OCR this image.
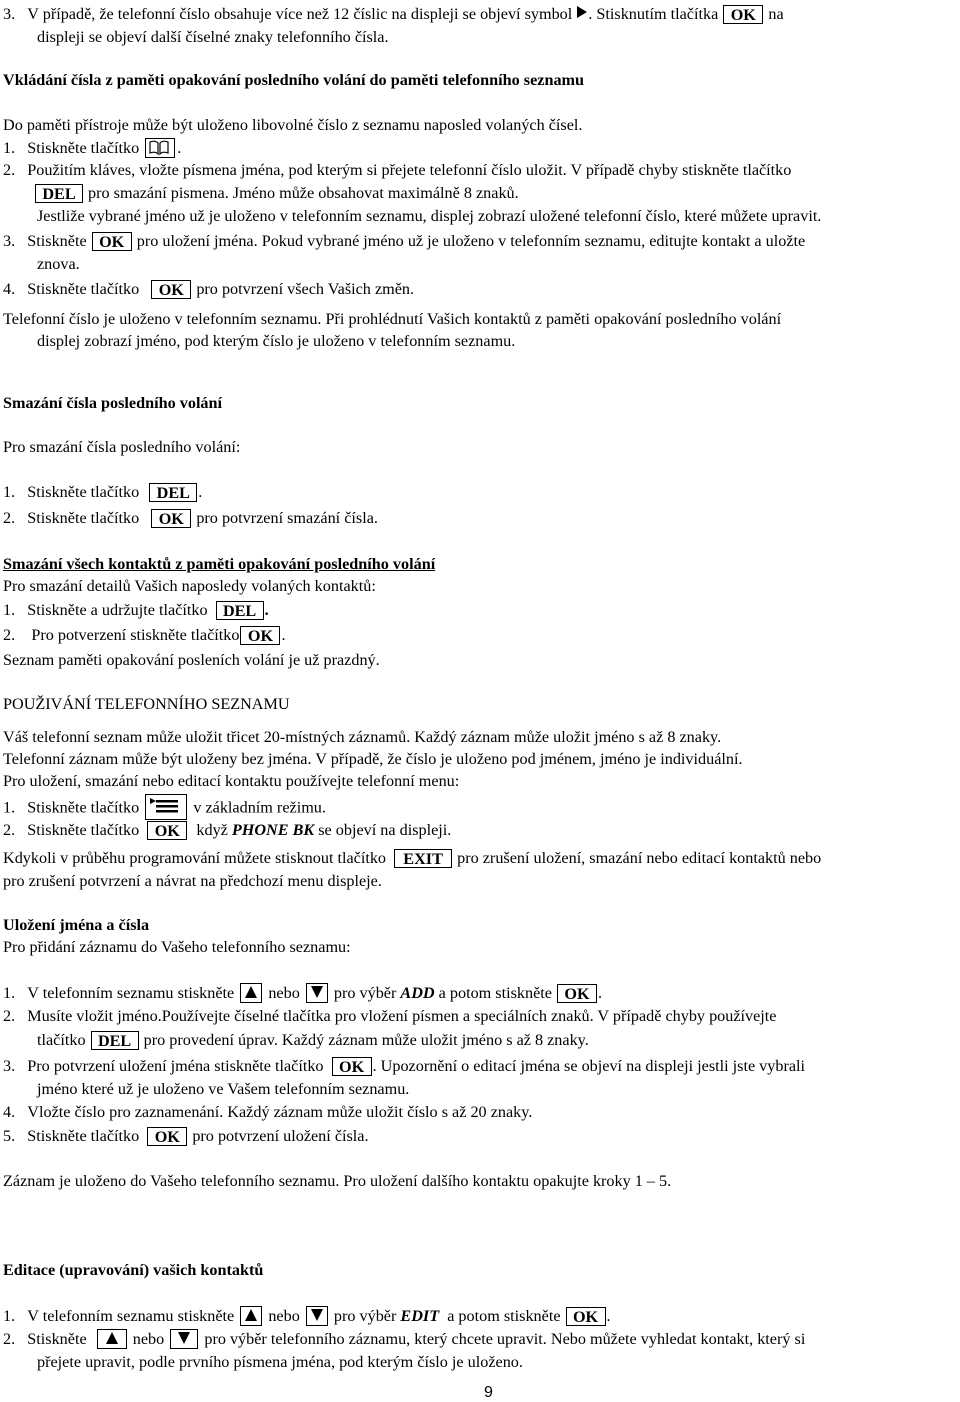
3. V případě, že telefonní číslo obsahuje více než 12 číslic na displeji se objeví symbol . Stisknutím tlačítka OK na
displeji se objeví další číselné znaky telefonního čísla.
Vkládání čísla z paměti opakování posledního volání do paměti telefonního seznamu
Do paměti přístroje může být uloženo libovolné číslo z seznamu naposled volaných čísel.
1. Stiskněte tlačítko .
2. Použitím kláves, vložte písmena jména, pod kterým si přejete telefonní číslo uložit. V případě chyby stiskněte tlačítko
DEL pro smazání pismena. Jméno může obsahovat maximálně 8 znaků.
Jestliže vybrané jméno už je uloženo v telefonním seznamu, displej zobrazí uložené telefonní číslo, které můžete upravit.
3. Stiskněte OK pro uložení jména. Pokud vybrané jméno už je uloženo v telefonním seznamu, editujte kontakt a uložte
znova.
4. Stiskněte tlačítko OK pro potvrzení všech Vašich změn.
Telefonní číslo je uloženo v telefonním seznamu. Při prohlédnutí Vašich kontaktů z paměti opakování posledního volání
displej zobrazí jméno, pod kterým číslo je uloženo v telefonním seznamu.
Smazání čísla posledního volání
Pro smazání čísla posledního volání:
1. Stiskněte tlačítko DEL .
2. Stiskněte tlačítko OK pro potvrzení smazání čísla.
Smazání všech kontaktů z paměti opakování posledního volání
Pro smazání detailů Vašich naposledy volaných kontaktů:
1. Stiskněte a udržujte tlačítko DEL .
2. Pro potverzení stiskněte tlačítko OK .
Seznam paměti opakování posleních volání je už prazdný.
POUŽIVÁNÍ TELEFONNÍHO SEZNAMU
Váš telefonní seznam může uložit třicet 20-místných záznamů. Každý záznam může uložit jméno s až 8 znaky.
Telefonní záznam může být uloženy bez jména. V případě, že číslo je uloženo pod jménem, jméno je individuální.
Pro uložení, smazání nebo editací kontaktu používejte telefonní menu:
1. Stiskněte tlačítko	v základním režimu.
2. Stiskněte tlačítko OK když PHONE BK se objeví na displeji.
Kdykoli v průběhu programování můžete stisknout tlačítko EXIT pro zrušení uložení, smazání nebo editací kontaktů nebo
pro zrušení potvrzení a návrat na předchozí menu displeje.
Uložení jména a čísla
Pro přidání záznamu do Vašeho telefonního seznamu:
1. V telefonním seznamu stiskněte nebo pro výběr ADD a potom stiskněte OK .
2. Musíte vložit jméno.Používejte číselné tlačítka pro vložení písmen a speciálních znaků. V případě chyby používejte
tlačítko DEL pro provedení úprav. Každý záznam může uložit jméno s až 8 znaky.
3. Pro potvrzení uložení jména stiskněte tlačítko OK . Upozornění o editací jména se objeví na displeji jestli jste vybrali
jméno které už je uloženo ve Vašem telefonním seznamu.
4. Vložte číslo pro zaznamenání. Každý záznam může uložit číslo s až 20 znaky.
5. Stiskněte tlačítko OK pro potvrzení uložení čísla.
Záznam je uloženo do Vašeho telefonního seznamu. Pro uložení dalšího kontaktu opakujte kroky 1 – 5.
Editace (upravování) vašich kontaktů
1. V telefonním seznamu stiskněte nebo pro výběr EDIT a potom stiskněte OK .
2. Stiskněte	nebo pro výběr telefonního záznamu, který chcete upravit. Nebo můžete vyhledat kontakt, který si
přejete upravit, podle prvního písmena jména, pod kterým číslo je uloženo.
9
